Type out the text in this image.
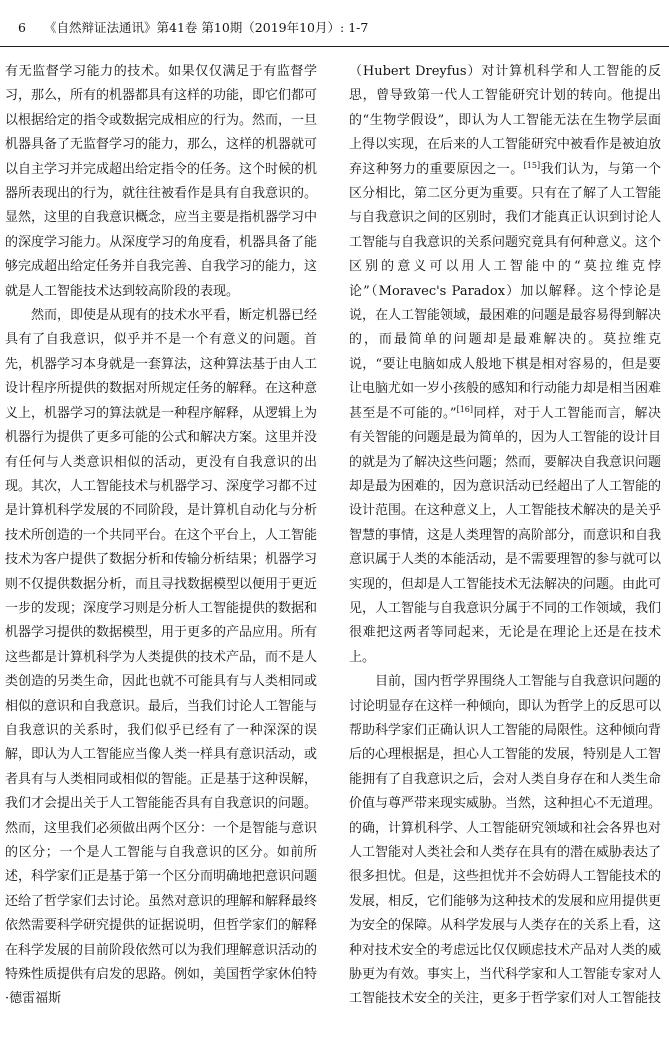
6 《自然辩证法通讯》第41卷 第10期（2019年10月）: 1-7

有无监督学习能力的技术。如果仅仅满足于有监督学习，那么，所有的机器都具有这样的功能，即它们都可以根据给定的指令或数据完成相应的行为。然而，一旦机器具备了无监督学习的能力，那么，这样的机器就可以自主学习并完成超出给定指令的任务。这个时候的机器所表现出的行为，就往往被看作是具有自我意识的。显然，这里的自我意识概念，应当主要是指机器学习中的深度学习能力。从深度学习的角度看，机器具备了能够完成超出给定任务并自我完善、自我学习的能力，这就是人工智能技术达到较高阶段的表现。

然而，即使是从现有的技术水平看，断定机器已经具有了自我意识，似乎并不是一个有意义的问题。首先，机器学习本身就是一套算法，这种算法基于由人工设计程序所提供的数据对所规定任务的解释。在这种意义上，机器学习的算法就是一种程序解释，从逻辑上为机器行为提供了更多可能的公式和解决方案。这里并没有任何与人类意识相似的活动，更没有自我意识的出现。其次，人工智能技术与机器学习、深度学习都不过是计算机科学发展的不同阶段，是计算机自动化与分析技术所创造的一个共同平台。在这个平台上，人工智能技术为客户提供了数据分析和传输分析结果；机器学习则不仅提供数据分析，而且寻找数据模型以便用于更近一步的发现；深度学习则是分析人工智能提供的数据和机器学习提供的数据模型，用于更多的产品应用。所有这些都是计算机科学为人类提供的技术产品，而不是人类创造的另类生命，因此也就不可能具有与人类相同或相似的意识和自我意识。最后，当我们讨论人工智能与自我意识的关系时，我们似乎已经有了一种深深的误解，即认为人工智能应当像人类一样具有意识活动，或者具有与人类相同或相似的智能。正是基于这种误解，我们才会提出关于人工智能能否具有自我意识的问题。然而，这里我们必须做出两个区分：一个是智能与意识的区分；一个是人工智能与自我意识的区分。如前所述，科学家们正是基于第一个区分而明确地把意识问题还给了哲学家们去讨论。虽然对意识的理解和解释最终依然需要科学研究提供的证据说明，但哲学家们的解释在科学发展的目前阶段依然可以为我们理解意识活动的特殊性质提供有启发的思路。例如，美国哲学家休伯特·德雷福斯

（Hubert Dreyfus）对计算机科学和人工智能的反思，曾导致第一代人工智能研究计划的转向。他提出的“生物学假设”，即认为人工智能无法在生物学层面上得以实现，在后来的人工智能研究中被看作是被迫放弃这种努力的重要原因之一。[15]我们认为，与第一个区分相比，第二区分更为重要。只有在了解了人工智能与自我意识之间的区别时，我们才能真正认识到讨论人工智能与自我意识的关系问题究竟具有何种意义。这个区别的意义可以用人工智能中的“莫拉维克悖论”（Moravec's Paradox）加以解释。这个悖论是说，在人工智能领域，最困难的问题是最容易得到解决的，而最简单的问题却是最难解决的。莫拉维克说，“要让电脑如成人般地下棋是相对容易的，但是要让电脑尤如一岁小孩般的感知和行动能力却是相当困难甚至是不可能的。”[16]同样，对于人工智能而言，解决有关智能的问题是最为简单的，因为人工智能的设计目的就是为了解决这些问题；然而，要解决自我意识问题却是最为困难的，因为意识活动已经超出了人工智能的设计范围。在这种意义上，人工智能技术解决的是关乎智慧的事情，这是人类理智的高阶部分，而意识和自我意识属于人类的本能活动，是不需要理智的参与就可以实现的，但却是人工智能技术无法解决的问题。由此可见，人工智能与自我意识分属于不同的工作领域，我们很难把这两者等同起来，无论是在理论上还是在技术上。

目前，国内哲学界围绕人工智能与自我意识问题的讨论明显存在这样一种倾向，即认为哲学上的反思可以帮助科学家们正确认识人工智能的局限性。这种倾向背后的心理根据是，担心人工智能的发展，特别是人工智能拥有了自我意识之后，会对人类自身存在和人类生命价值与尊严带来现实威胁。当然，这种担心不无道理。的确，计算机科学、人工智能研究领域和社会各界也对人工智能对人类社会和人类存在具有的潜在威胁表达了很多担忧。但是，这些担忧并不会妨碍人工智能技术的发展，相反，它们能够为这种技术的发展和应用提供更为安全的保障。从科学发展与人类存在的关系上看，这种对技术安全的考虑远比仅仅顾虑技术产品对人类的威胁更为有效。事实上，当代科学家和人工智能专家对人工智能技术安全的关注，更多于哲学家们对人工智能技
